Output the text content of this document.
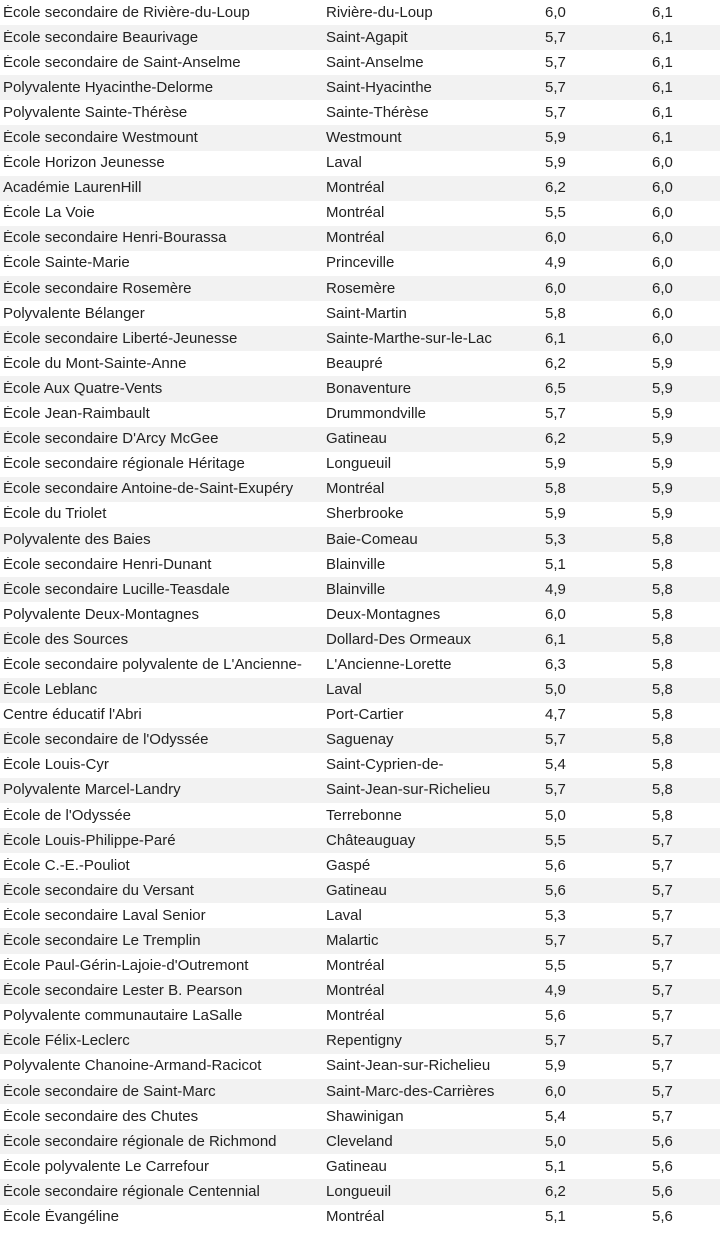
École secondaire de Rivière-du-Loup	Rivière-du-Loup	6,0	6,1
École secondaire Beaurivage	Saint-Agapit	5,7	6,1
École secondaire de Saint-Anselme	Saint-Anselme	5,7	6,1
Polyvalente Hyacinthe-Delorme	Saint-Hyacinthe	5,7	6,1
Polyvalente Sainte-Thérèse	Sainte-Thérèse	5,7	6,1
École secondaire Westmount	Westmount	5,9	6,1
École Horizon Jeunesse	Laval	5,9	6,0
Académie LaurenHill	Montréal	6,2	6,0
École La Voie	Montréal	5,5	6,0
École secondaire Henri-Bourassa	Montréal	6,0	6,0
École Sainte-Marie	Princeville	4,9	6,0
École secondaire Rosemère	Rosemère	6,0	6,0
Polyvalente Bélanger	Saint-Martin	5,8	6,0
École secondaire Liberté-Jeunesse	Sainte-Marthe-sur-le-Lac	6,1	6,0
École du Mont-Sainte-Anne	Beaupré	6,2	5,9
École Aux Quatre-Vents	Bonaventure	6,5	5,9
École Jean-Raimbault	Drummondville	5,7	5,9
École secondaire D'Arcy McGee	Gatineau	6,2	5,9
École secondaire régionale Héritage	Longueuil	5,9	5,9
École secondaire Antoine-de-Saint-Exupéry	Montréal	5,8	5,9
École du Triolet	Sherbrooke	5,9	5,9
Polyvalente des Baies	Baie-Comeau	5,3	5,8
École secondaire Henri-Dunant	Blainville	5,1	5,8
École secondaire Lucille-Teasdale	Blainville	4,9	5,8
Polyvalente Deux-Montagnes	Deux-Montagnes	6,0	5,8
École des Sources	Dollard-Des Ormeaux	6,1	5,8
École secondaire polyvalente de L'Ancienne-	L'Ancienne-Lorette	6,3	5,8
École Leblanc	Laval	5,0	5,8
Centre éducatif l'Abri	Port-Cartier	4,7	5,8
École secondaire de l'Odyssée	Saguenay	5,7	5,8
École Louis-Cyr	Saint-Cyprien-de-	5,4	5,8
Polyvalente Marcel-Landry	Saint-Jean-sur-Richelieu	5,7	5,8
École de l'Odyssée	Terrebonne	5,0	5,8
École Louis-Philippe-Paré	Châteauguay	5,5	5,7
École C.-E.-Pouliot	Gaspé	5,6	5,7
École secondaire du Versant	Gatineau	5,6	5,7
École secondaire Laval Senior	Laval	5,3	5,7
École secondaire Le Tremplin	Malartic	5,7	5,7
École Paul-Gérin-Lajoie-d'Outremont	Montréal	5,5	5,7
École secondaire Lester B. Pearson	Montréal	4,9	5,7
Polyvalente communautaire LaSalle	Montréal	5,6	5,7
École Félix-Leclerc	Repentigny	5,7	5,7
Polyvalente Chanoine-Armand-Racicot	Saint-Jean-sur-Richelieu	5,9	5,7
École secondaire de Saint-Marc	Saint-Marc-des-Carrières	6,0	5,7
École secondaire des Chutes	Shawinigan	5,4	5,7
École secondaire régionale de Richmond	Cleveland	5,0	5,6
École polyvalente Le Carrefour	Gatineau	5,1	5,6
École secondaire régionale Centennial	Longueuil	6,2	5,6
École Évangéline	Montréal	5,1	5,6
